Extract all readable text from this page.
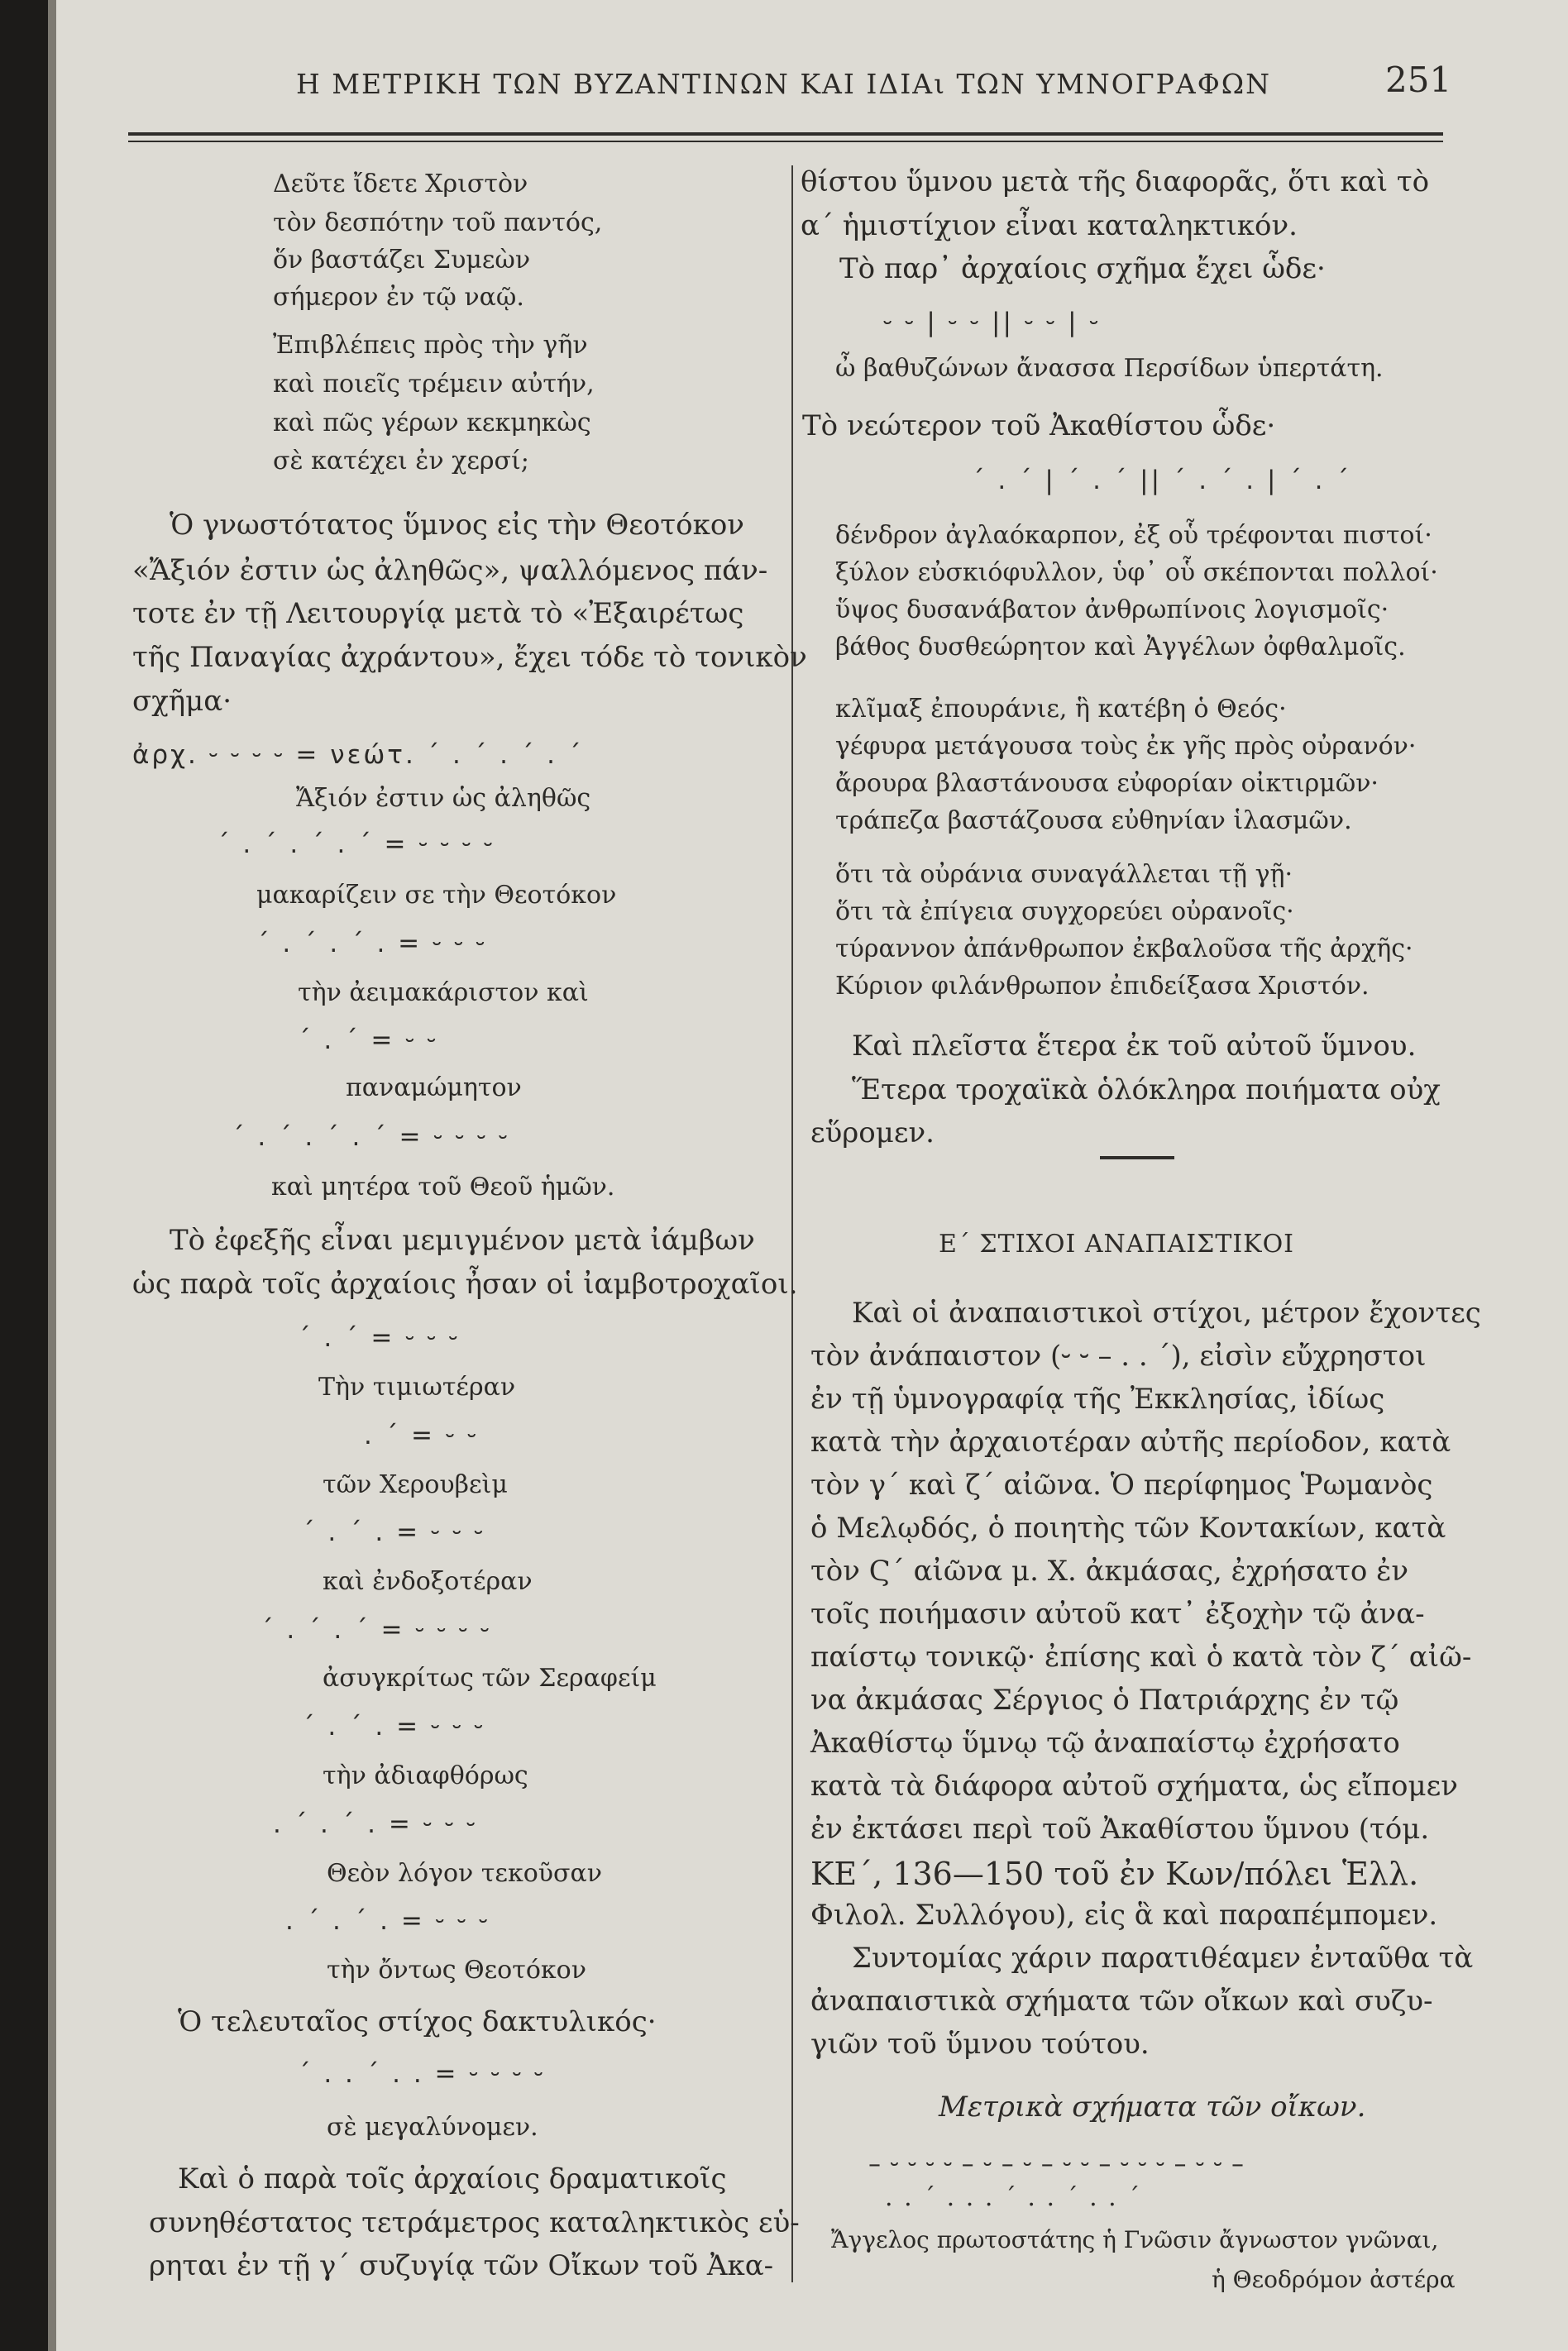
Η ΜΕΤΡΙΚΗ ΤΩΝ ΒΥΖΑΝΤΙΝΩΝ ΚΑΙ ΙΔΙΑι ΤΩΝ ΥΜΝΟΓΡΑΦΩΝ	251
Δεῦτε ἴδετε Χριστὸν
τὸν δεσπότην τοῦ παντός,
ὅν βαστάζει Συμεὼν
σήμερον ἐν τῷ ναῷ.
Ἐπιβλέπεις πρὸς τὴν γῆν
καὶ ποιεῖς τρέμειν αὐτήν,
καὶ πῶς γέρων κεκμηκὼς
σὲ κατέχει ἐν χερσί;
Ὁ γνωστότατος ὕμνος εἰς τὴν Θεοτόκον
«Ἄξιόν ἐστιν ὡς ἀληθῶς», ψαλλόμενος πάν-
τοτε ἐν τῇ Λειτουργίᾳ μετὰ τὸ «Ἐξαιρέτως
τῆς Παναγίας ἀχράντου», ἔχει τόδε τὸ τονικὸν
σχῆμα·
ἀρχ. ⏑ ⏑ ⏑ ⏑ = νεώτ. ΄ . ΄ . ΄ . ΄
Ἄξιόν ἐστιν ὡς ἀληθῶς
΄ . ΄ . ΄ . ΄ = ⏑ ⏑ ⏑ ⏑
μακαρίζειν σε τὴν Θεοτόκον
΄ . ΄ . ΄ . = ⏑ ⏑ ⏑
τὴν ἀειμακάριστον καὶ
΄ . ΄ = ⏑ ⏑
παναμώμητον
΄ . ΄ . ΄ . ΄ = ⏑ ⏑ ⏑ ⏑
καὶ μητέρα τοῦ Θεοῦ ἡμῶν.
Τὸ ἐφεξῆς εἶναι μεμιγμένον μετὰ ἰάμβων
ὡς παρὰ τοῖς ἀρχαίοις ἦσαν οἱ ἰαμβοτροχαῖοι.
΄ . ΄ = ⏑ ⏑ ⏑
Τὴν τιμιωτέραν
. ΄ = ⏑ ⏑
τῶν Χερουβεὶμ
΄ . ΄ . = ⏑ ⏑ ⏑
καὶ ἐνδοξοτέραν
΄ . ΄ . ΄ = ⏑ ⏑ ⏑ ⏑
ἀσυγκρίτως τῶν Σεραφείμ
΄ . ΄ . = ⏑ ⏑ ⏑
τὴν ἀδιαφθόρως
. ΄ . ΄ . = ⏑ ⏑ ⏑
Θεὸν λόγον τεκοῦσαν
. ΄ . ΄ . = ⏑ ⏑ ⏑
τὴν ὄντως Θεοτόκον
Ὁ τελευταῖος στίχος δακτυλικός·
΄ . . ΄ . . = ⏑ ⏑ ⏑ ⏑
σὲ μεγαλύνομεν.
Καὶ ὁ παρὰ τοῖς ἀρχαίοις δραματικοῖς
συνηθέστατος τετράμετρος καταληκτικὸς εὑ-
ρηται ἐν τῇ γ΄ συζυγίᾳ τῶν Οἴκων τοῦ Ἀκα-
θίστου ὕμνου μετὰ τῆς διαφορᾶς, ὅτι καὶ τὸ
α΄ ἡμιστίχιον εἶναι καταληκτικόν.
Τὸ παρ᾽ ἀρχαίοις σχῆμα ἔχει ὧδε·
⏑ ⏑ | ⏑ ⏑ || ⏑ ⏑ | ⏑
ὦ βαθυζώνων ἄνασσα Περσίδων ὑπερτάτη.
Τὸ νεώτερον τοῦ Ἀκαθίστου ὧδε·
΄ . ΄ | ΄ . ΄ || ΄ . ΄ . | ΄ . ΄
δένδρον ἀγλαόκαρπον, ἐξ οὗ τρέφονται πιστοί·
ξύλον εὐσκιόφυλλον, ὑφ᾽ οὗ σκέπονται πολλοί·
ὕψος δυσανάβατον ἀνθρωπίνοις λογισμοῖς·
βάθος δυσθεώρητον καὶ Ἀγγέλων ὀφθαλμοῖς.
κλῖμαξ ἐπουράνιε, ἣ κατέβη ὁ Θεός·
γέφυρα μετάγουσα τοὺς ἐκ γῆς πρὸς οὐρανόν·
ἄρουρα βλαστάνουσα εὐφορίαν οἰκτιρμῶν·
τράπεζα βαστάζουσα εὐθηνίαν ἱλασμῶν.
ὅτι τὰ οὐράνια συναγάλλεται τῇ γῇ·
ὅτι τὰ ἐπίγεια συγχορεύει οὐρανοῖς·
τύραννον ἀπάνθρωπον ἐκβαλοῦσα τῆς ἀρχῆς·
Κύριον φιλάνθρωπον ἐπιδείξασα Χριστόν.
Καὶ πλεῖστα ἕτερα ἐκ τοῦ αὐτοῦ ὕμνου.
Ἕτερα τροχαϊκὰ ὁλόκληρα ποιήματα οὐχ
εὕρομεν.
Ε΄ ΣΤΙΧΟΙ ΑΝΑΠΑΙΣΤΙΚΟΙ
Καὶ οἱ ἀναπαιστικοὶ στίχοι, μέτρον ἔχοντες
τὸν ἀνάπαιστον (⏑ ⏑ – . . ΄), εἰσὶν εὔχρηστοι
ἐν τῇ ὑμνογραφίᾳ τῆς Ἐκκλησίας, ἰδίως
κατὰ τὴν ἀρχαιοτέραν αὐτῆς περίοδον, κατὰ
τὸν γ΄ καὶ ζ΄ αἰῶνα. Ὁ περίφημος Ῥωμανὸς
ὁ Μελῳδός, ὁ ποιητὴς τῶν Κοντακίων, κατὰ
τὸν Ϛ΄ αἰῶνα μ. Χ. ἀκμάσας, ἐχρήσατο ἐν
τοῖς ποιήμασιν αὐτοῦ κατ᾽ ἐξοχὴν τῷ ἀνα-
παίστῳ τονικῷ· ἐπίσης καὶ ὁ κατὰ τὸν ζ΄ αἰῶ-
να ἀκμάσας Σέργιος ὁ Πατριάρχης ἐν τῷ
Ἀκαθίστῳ ὕμνῳ τῷ ἀναπαίστῳ ἐχρήσατο
κατὰ τὰ διάφορα αὐτοῦ σχήματα, ὡς εἴπομεν
ἐν ἐκτάσει περὶ τοῦ Ἀκαθίστου ὕμνου (τόμ.
ΚΕ΄, 136—150 τοῦ ἐν Κων/πόλει Ἑλλ.
Φιλολ. Συλλόγου), εἰς ἃ καὶ παραπέμπομεν.
Συντομίας χάριν παρατιθέαμεν ἐνταῦθα τὰ
ἀναπαιστικὰ σχήματα τῶν οἴκων καὶ συζυ-
γιῶν τοῦ ὕμνου τούτου.
Μετρικὰ σχήματα τῶν οἴκων.
– ⏑ ⏑ ⏑ ⏑ – ⏑ – ⏑ – ⏑ ⏑ – ⏑ ⏑ ⏑ – ⏑ ⏑ –
. . ΄ . . . ΄ . . ΄ . . ΄
Ἄγγελος πρωτοστάτης ἡ Γνῶσιν ἄγνωστον γνῶναι,
ἡ Θεοδρόμον ἀστέρα
